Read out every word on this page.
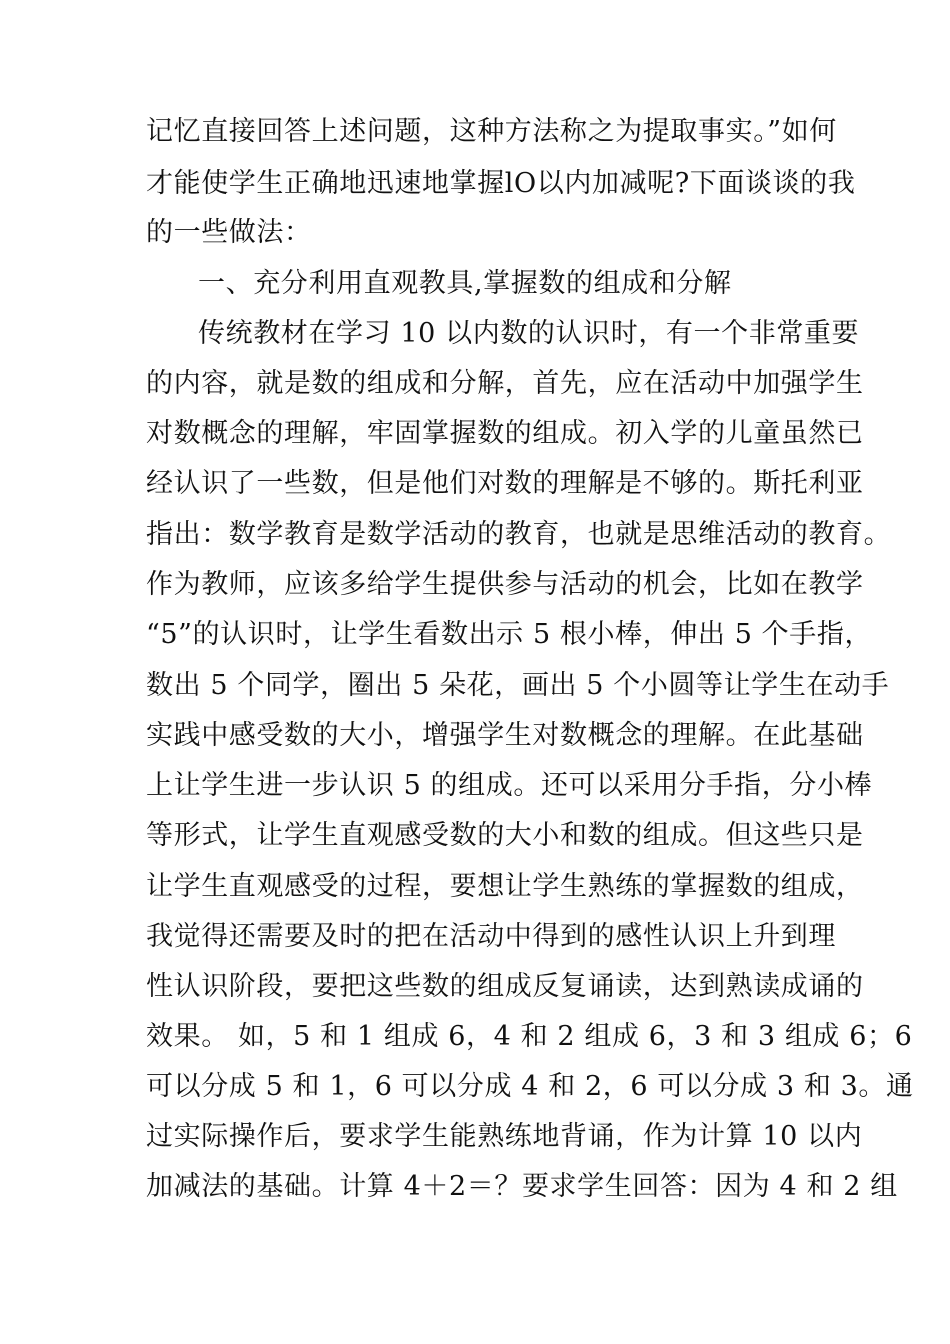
记忆直接回答上述问题，这种方法称之为提取事实。”如何
才能使学生正确地迅速地掌握lO以内加减呢?下面谈谈的我
的一些做法：
一、充分利用直观教具,掌握数的组成和分解
传统教材在学习 10 以内数的认识时，有一个非常重要
的内容，就是数的组成和分解，首先，应在活动中加强学生
对数概念的理解，牢固掌握数的组成。初入学的儿童虽然已
经认识了一些数，但是他们对数的理解是不够的。斯托利亚
指出：数学教育是数学活动的教育，也就是思维活动的教育。
作为教师，应该多给学生提供参与活动的机会，比如在教学
“5”的认识时，让学生看数出示 5 根小棒，伸出 5 个手指，
数出 5 个同学，圈出 5 朵花，画出 5 个小圆等让学生在动手
实践中感受数的大小，增强学生对数概念的理解。在此基础
上让学生进一步认识 5 的组成。还可以采用分手指，分小棒
等形式，让学生直观感受数的大小和数的组成。但这些只是
让学生直观感受的过程，要想让学生熟练的掌握数的组成，
我觉得还需要及时的把在活动中得到的感性认识上升到理
性认识阶段，要把这些数的组成反复诵读，达到熟读成诵的
效果。 如，5 和 1 组成 6，4 和 2 组成 6，3 和 3 组成 6；6
可以分成 5 和 1，6 可以分成 4 和 2，6 可以分成 3 和 3。通
过实际操作后，要求学生能熟练地背诵，作为计算 10 以内
加减法的基础。计算 4＋2＝？要求学生回答：因为 4 和 2 组
